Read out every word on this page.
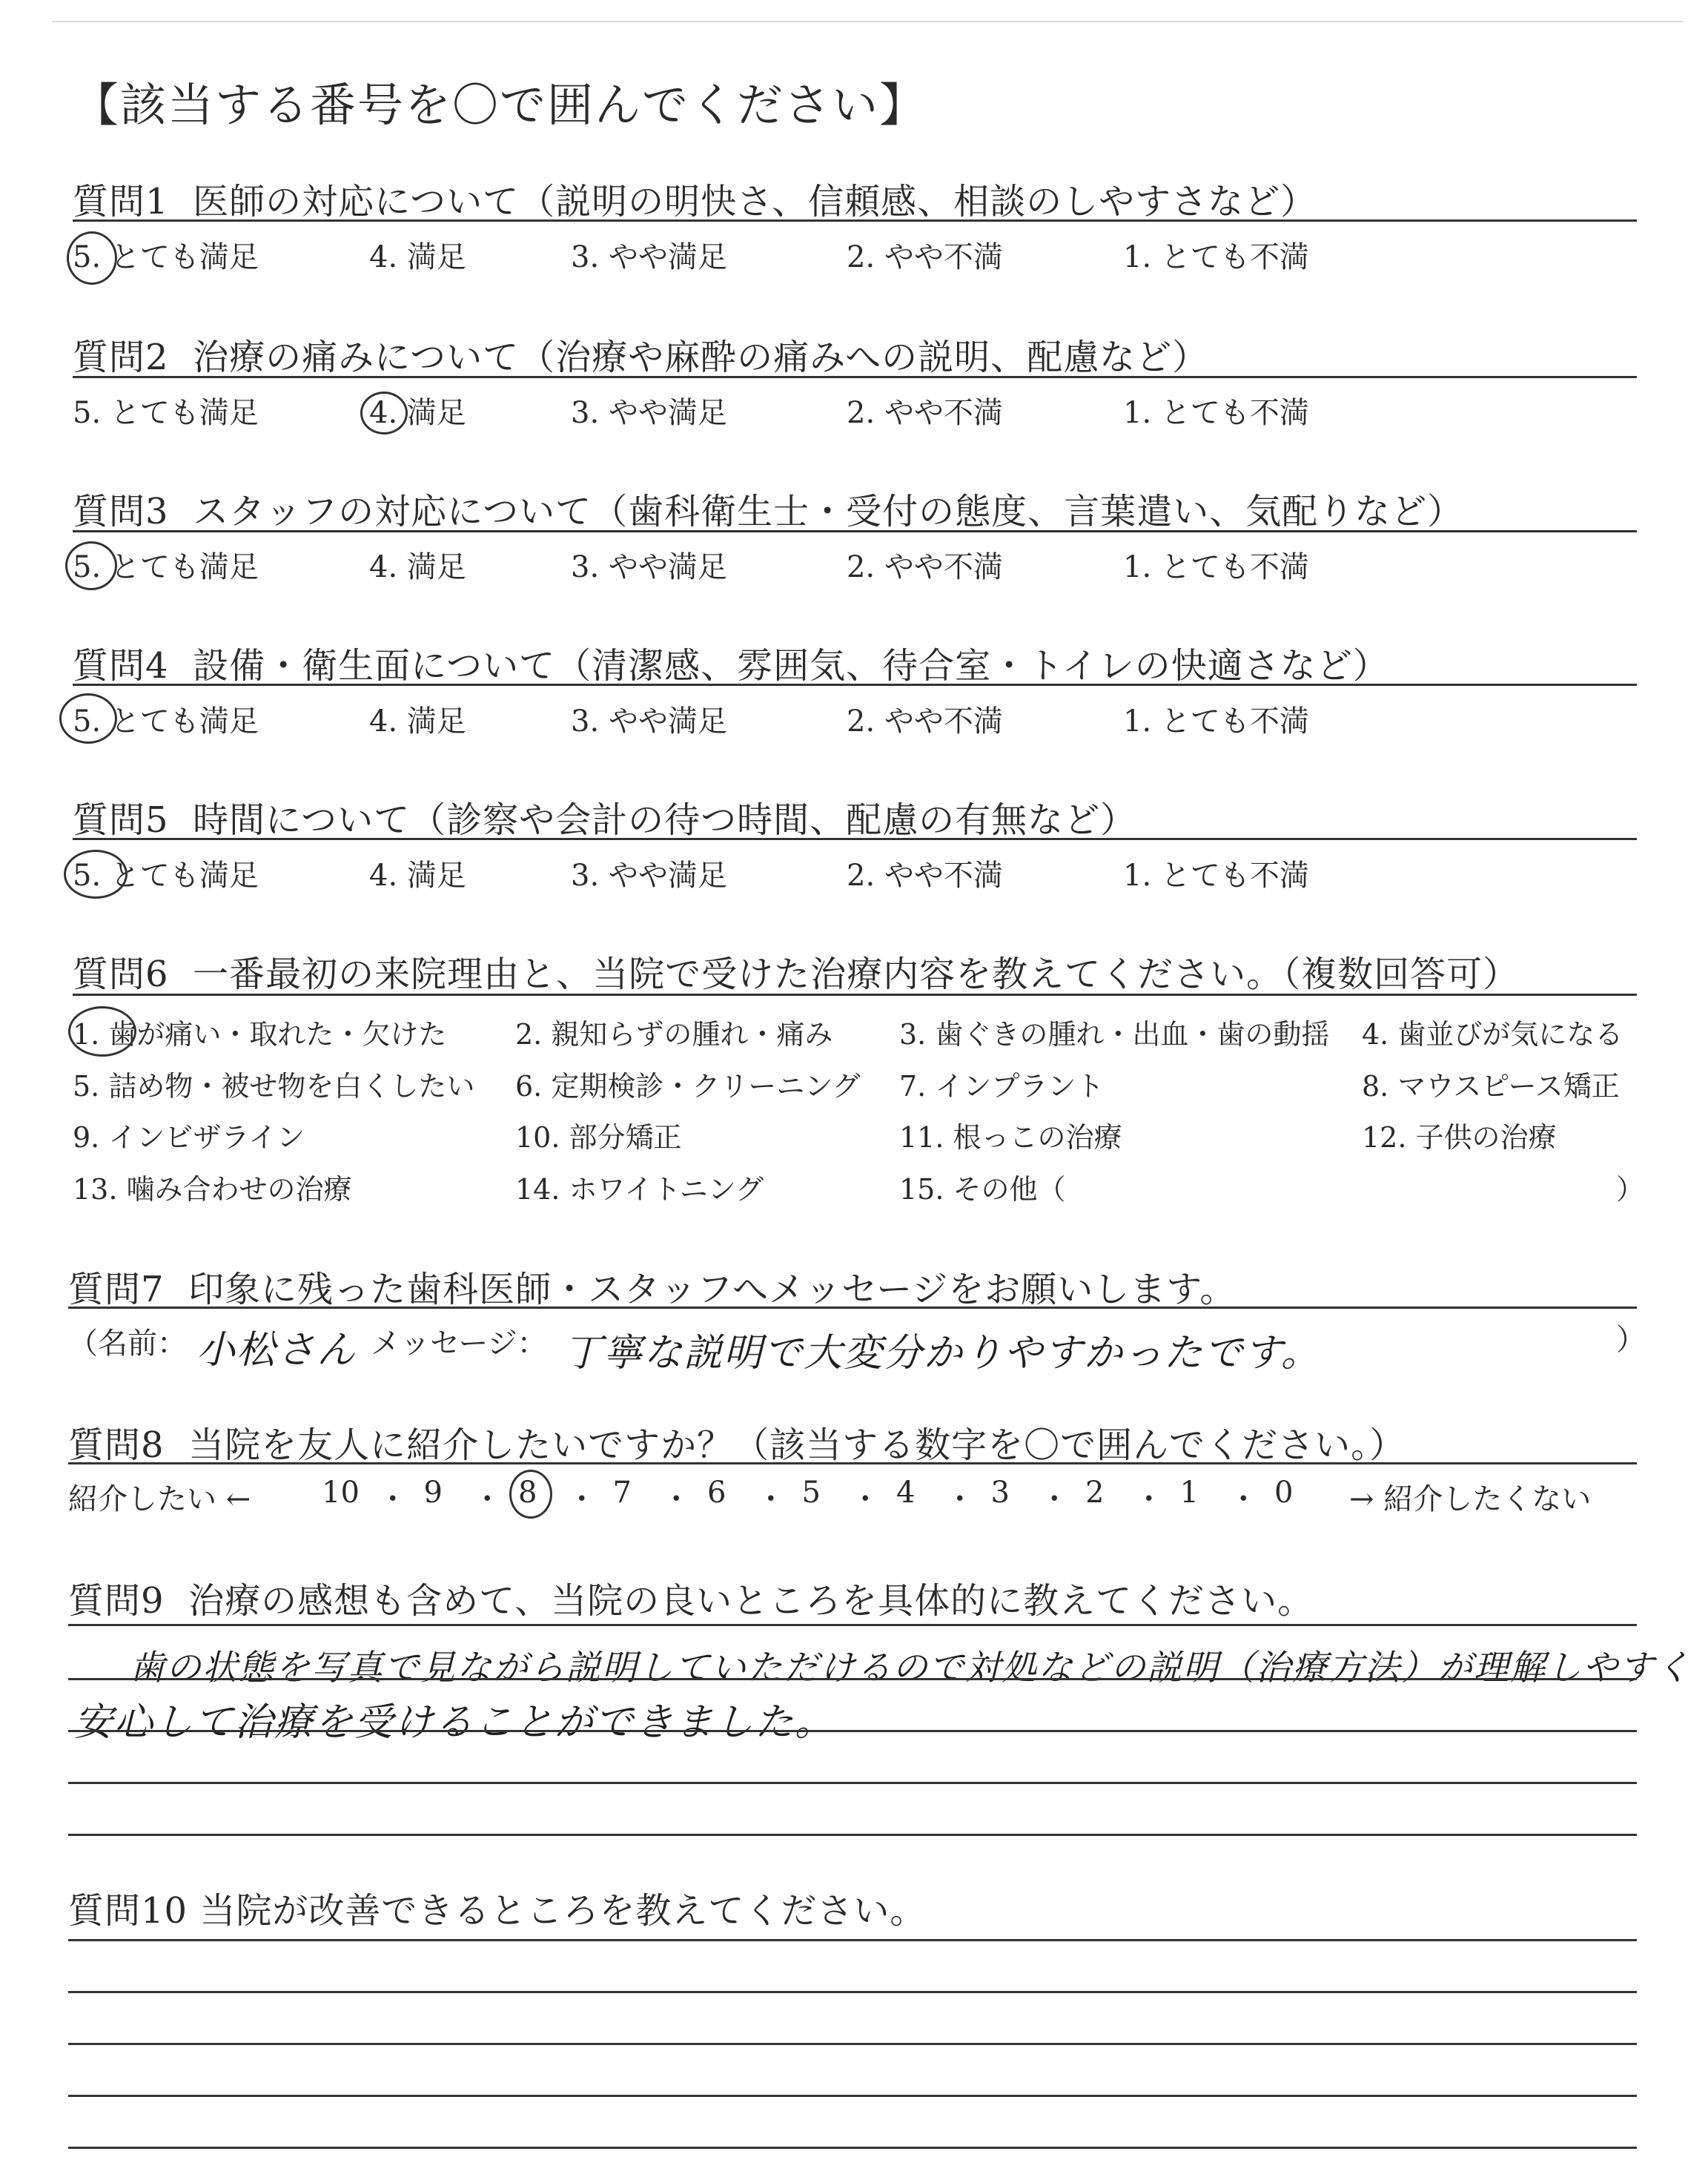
【該当する番号を〇で囲んでください】
質問1 医師の対応について（説明の明快さ、信頼感、相談のしやすさなど）
5. とても満足	4. 満足	3. やや満足	2. やや不満	1. とても不満
質問2 治療の痛みについて（治療や麻酔の痛みへの説明、配慮など）
5. とても満足	4. 満足	3. やや満足	2. やや不満	1. とても不満
質問3 スタッフの対応について（歯科衛生士・受付の態度、言葉遣い、気配りなど）
5. とても満足	4. 満足	3. やや満足	2. やや不満	1. とても不満
質問4 設備・衛生面について（清潔感、雰囲気、待合室・トイレの快適さなど）
5. とても満足	4. 満足	3. やや満足	2. やや不満	1. とても不満
質問5 時間について（診察や会計の待つ時間、配慮の有無など）
5. とても満足	4. 満足	3. やや満足	2. やや不満	1. とても不満
質問6 一番最初の来院理由と、当院で受けた治療内容を教えてください。（複数回答可）
1. 歯が痛い・取れた・欠けた 2. 親知らずの腫れ・痛み 3. 歯ぐきの腫れ・出血・歯の動揺 4. 歯並びが気になる
5. 詰め物・被せ物を白くしたい 6. 定期検診・クリーニング 7. インプラント	8. マウスピース矯正
9. インビザライン	10. 部分矯正	11. 根っこの治療	12. 子供の治療
13. 噛み合わせの治療	14. ホワイトニング	15. その他（	）
質問7 印象に残った歯科医師・スタッフへメッセージをお願いします。
（名前： 小松さん メッセージ： 丁寧な説明で大変分かりやすかったです。	）
質問8 当院を友人に紹介したいですか？（該当する数字を〇で囲んでください。）
紹介したい ←	→ 紹介したくない
10 ・ 9 ・ 8 ・ 7 ・ 6 ・ 5 ・ 4 ・ 3 ・ 2 ・ 1 ・ 0
質問9 治療の感想も含めて、当院の良いところを具体的に教えてください。
歯の状態を写真で見ながら説明していただけるので対処などの説明（治療方法）が理解しやすく
安心して治療を受けることができました。
質問10 当院が改善できるところを教えてください。
